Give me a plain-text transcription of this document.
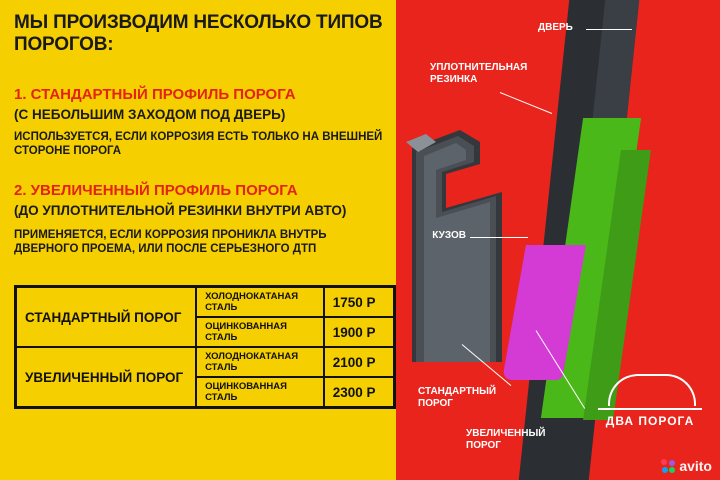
МЫ ПРОИЗВОДИМ НЕСКОЛЬКО ТИПОВ ПОРОГОВ:
1. СТАНДАРТНЫЙ ПРОФИЛЬ ПОРОГА
(С НЕБОЛЬШИМ ЗАХОДОМ ПОД ДВЕРЬ)
ИСПОЛЬЗУЕТСЯ, ЕСЛИ КОРРОЗИЯ ЕСТЬ ТОЛЬКО НА ВНЕШНЕЙ СТОРОНЕ ПОРОГА
2. УВЕЛИЧЕННЫЙ ПРОФИЛЬ ПОРОГА
(ДО УПЛОТНИТЕЛЬНОЙ РЕЗИНКИ ВНУТРИ АВТО)
ПРИМЕНЯЕТСЯ, ЕСЛИ КОРРОЗИЯ ПРОНИКЛА ВНУТРЬ ДВЕРНОГО ПРОЕМА, ИЛИ ПОСЛЕ СЕРЬЕЗНОГО ДТП
СТАНДАРТНЫЙ ПОРОГ	ХОЛОДНОКАТАНАЯ СТАЛЬ	1750 Р
	ОЦИНКОВАННАЯ СТАЛЬ	1900 Р
УВЕЛИЧЕННЫЙ ПОРОГ	ХОЛОДНОКАТАНАЯ СТАЛЬ	2100 Р
	ОЦИНКОВАННАЯ СТАЛЬ	2300 Р
ДВЕРЬ
УПЛОТНИТЕЛЬНАЯ
РЕЗИНКА
КУЗОВ
СТАНДАРТНЫЙ
ПОРОГ
УВЕЛИЧЕННЫЙ
ПОРОГ
ДВА ПОРОГА
avito
